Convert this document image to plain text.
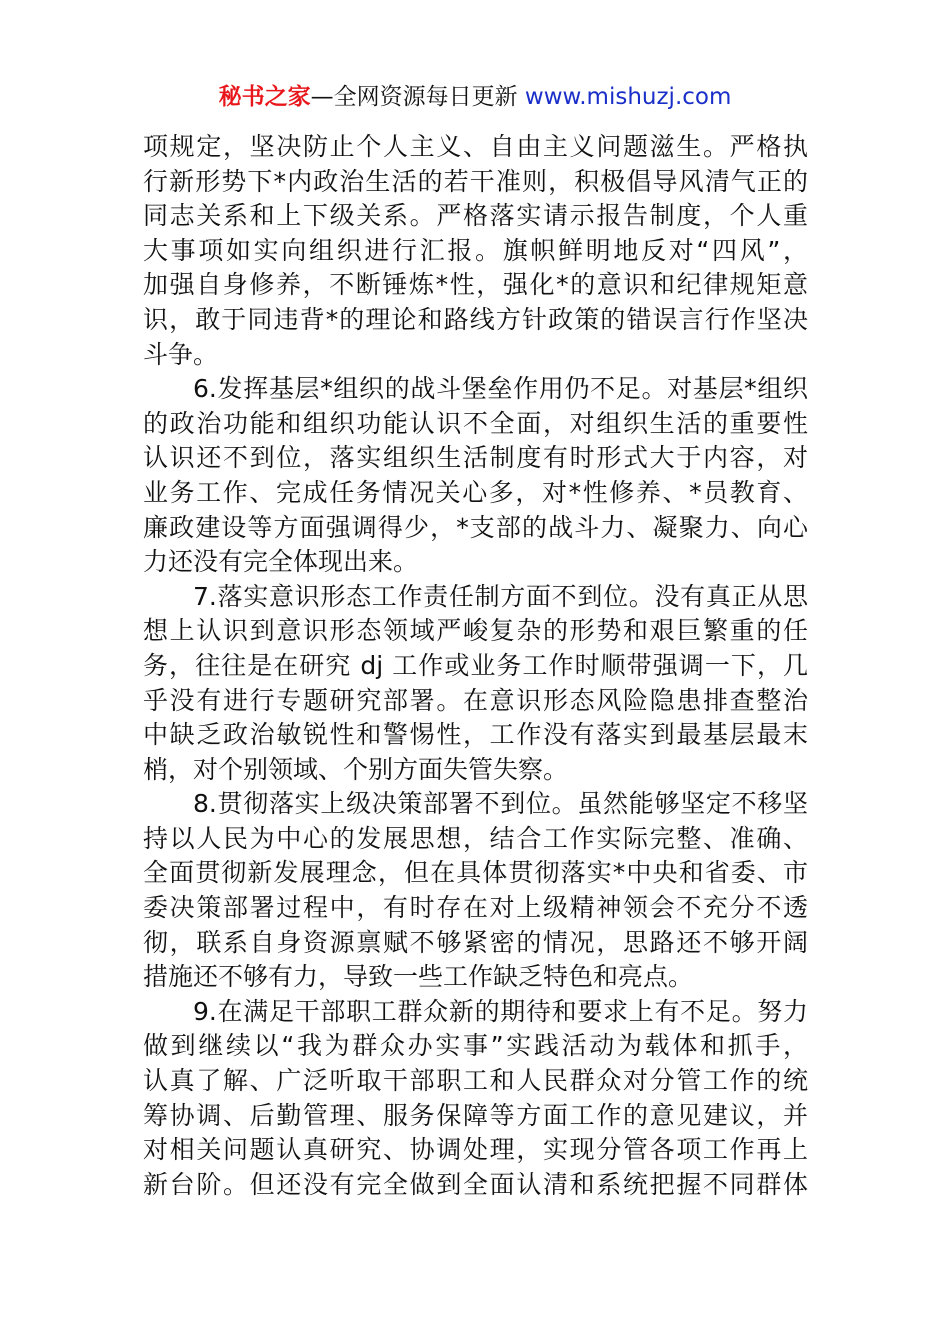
秘书之家—全网资源每日更新 www.mishuzj.com
项规定，坚决防止个人主义、自由主义问题滋生。严格执
行新形势下*内政治生活的若干准则，积极倡导风清气正的
同志关系和上下级关系。严格落实请示报告制度，个人重
大事项如实向组织进行汇报。旗帜鲜明地反对“四风”，
加强自身修养，不断锤炼*性，强化*的意识和纪律规矩意
识，敢于同违背*的理论和路线方针政策的错误言行作坚决
斗争。
6.发挥基层*组织的战斗堡垒作用仍不足。对基层*组织
的政治功能和组织功能认识不全面，对组织生活的重要性
认识还不到位，落实组织生活制度有时形式大于内容，对
业务工作、完成任务情况关心多，对*性修养、*员教育、
廉政建设等方面强调得少，*支部的战斗力、凝聚力、向心
力还没有完全体现出来。
7.落实意识形态工作责任制方面不到位。没有真正从思
想上认识到意识形态领域严峻复杂的形势和艰巨繁重的任
务，往往是在研究 dj 工作或业务工作时顺带强调一下，几
乎没有进行专题研究部署。在意识形态风险隐患排查整治
中缺乏政治敏锐性和警惕性，工作没有落实到最基层最末
梢，对个别领域、个别方面失管失察。
8.贯彻落实上级决策部署不到位。虽然能够坚定不移坚
持以人民为中心的发展思想，结合工作实际完整、准确、
全面贯彻新发展理念，但在具体贯彻落实*中央和省委、市
委决策部署过程中，有时存在对上级精神领会不充分不透
彻，联系自身资源禀赋不够紧密的情况，思路还不够开阔
措施还不够有力，导致一些工作缺乏特色和亮点。
9.在满足干部职工群众新的期待和要求上有不足。努力
做到继续以“我为群众办实事”实践活动为载体和抓手，
认真了解、广泛听取干部职工和人民群众对分管工作的统
筹协调、后勤管理、服务保障等方面工作的意见建议，并
对相关问题认真研究、协调处理，实现分管各项工作再上
新台阶。但还没有完全做到全面认清和系统把握不同群体
